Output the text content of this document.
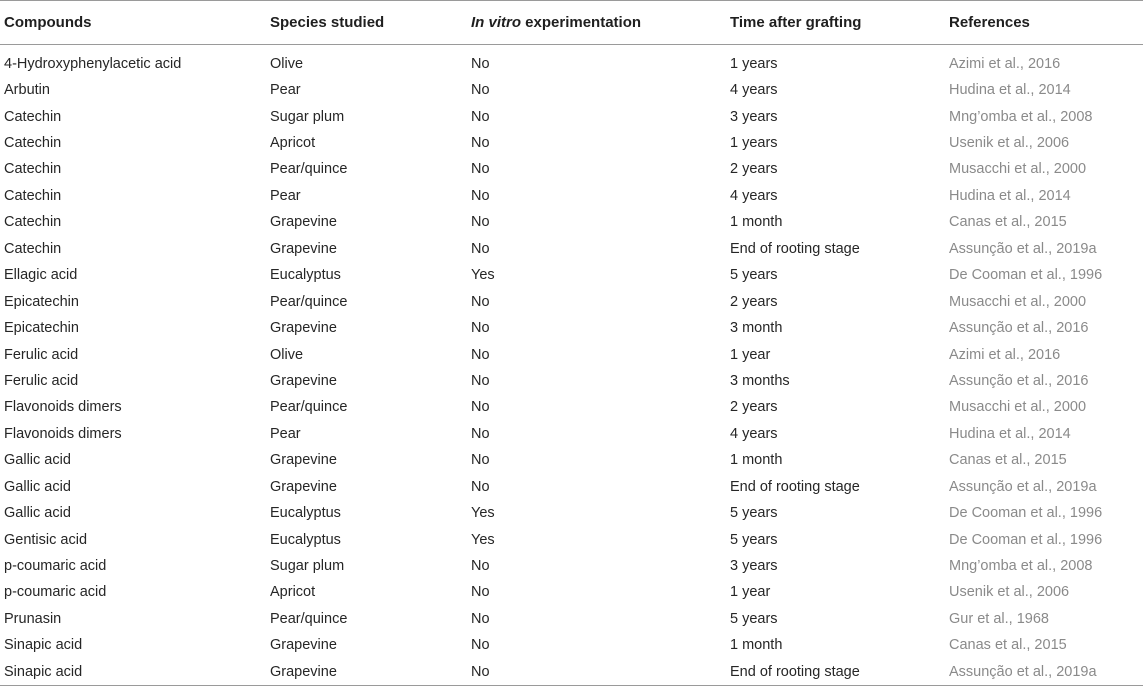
Compounds	Species studied	In vitro experimentation	Time after grafting	References

4-Hydroxyphenylacetic acid	Olive	No	1 years	Azimi et al., 2016
Arbutin	Pear	No	4 years	Hudina et al., 2014
Catechin	Sugar plum	No	3 years	Mng’omba et al., 2008
Catechin	Apricot	No	1 years	Usenik et al., 2006
Catechin	Pear/quince	No	2 years	Musacchi et al., 2000
Catechin	Pear	No	4 years	Hudina et al., 2014
Catechin	Grapevine	No	1 month	Canas et al., 2015
Catechin	Grapevine	No	End of rooting stage	Assunção et al., 2019a
Ellagic acid	Eucalyptus	Yes	5 years	De Cooman et al., 1996
Epicatechin	Pear/quince	No	2 years	Musacchi et al., 2000
Epicatechin	Grapevine	No	3 month	Assunção et al., 2016
Ferulic acid	Olive	No	1 year	Azimi et al., 2016
Ferulic acid	Grapevine	No	3 months	Assunção et al., 2016
Flavonoids dimers	Pear/quince	No	2 years	Musacchi et al., 2000
Flavonoids dimers	Pear	No	4 years	Hudina et al., 2014
Gallic acid	Grapevine	No	1 month	Canas et al., 2015
Gallic acid	Grapevine	No	End of rooting stage	Assunção et al., 2019a
Gallic acid	Eucalyptus	Yes	5 years	De Cooman et al., 1996
Gentisic acid	Eucalyptus	Yes	5 years	De Cooman et al., 1996
p-coumaric acid	Sugar plum	No	3 years	Mng’omba et al., 2008
p-coumaric acid	Apricot	No	1 year	Usenik et al., 2006
Prunasin	Pear/quince	No	5 years	Gur et al., 1968
Sinapic acid	Grapevine	No	1 month	Canas et al., 2015
Sinapic acid	Grapevine	No	End of rooting stage	Assunção et al., 2019a
